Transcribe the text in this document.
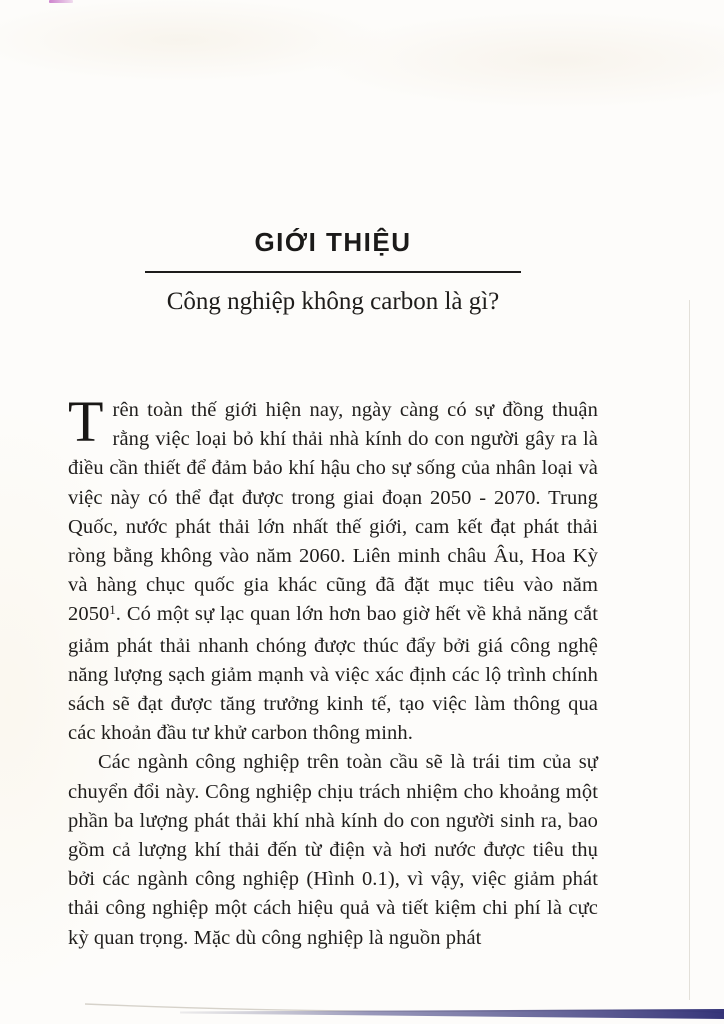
GIỚI THIỆU
Công nghiệp không carbon là gì?

Trên toàn thế giới hiện nay, ngày càng có sự đồng thuận rằng việc loại bỏ khí thải nhà kính do con người gây ra là điều cần thiết để đảm bảo khí hậu cho sự sống của nhân loại và việc này có thể đạt được trong giai đoạn 2050 - 2070. Trung Quốc, nước phát thải lớn nhất thế giới, cam kết đạt phát thải ròng bằng không vào năm 2060. Liên minh châu Âu, Hoa Kỳ và hàng chục quốc gia khác cũng đã đặt mục tiêu vào năm 2050$^1$. Có một sự lạc quan lớn hơn bao giờ hết về khả năng cắt giảm phát thải nhanh chóng được thúc đẩy bởi giá công nghệ năng lượng sạch giảm mạnh và việc xác định các lộ trình chính sách sẽ đạt được tăng trưởng kinh tế, tạo việc làm thông qua các khoản đầu tư khử carbon thông minh.

Các ngành công nghiệp trên toàn cầu sẽ là trái tim của sự chuyển đổi này. Công nghiệp chịu trách nhiệm cho khoảng một phần ba lượng phát thải khí nhà kính do con người sinh ra, bao gồm cả lượng khí thải đến từ điện và hơi nước được tiêu thụ bởi các ngành công nghiệp (Hình 0.1), vì vậy, việc giảm phát thải công nghiệp một cách hiệu quả và tiết kiệm chi phí là cực kỳ quan trọng. Mặc dù công nghiệp là nguồn phát
